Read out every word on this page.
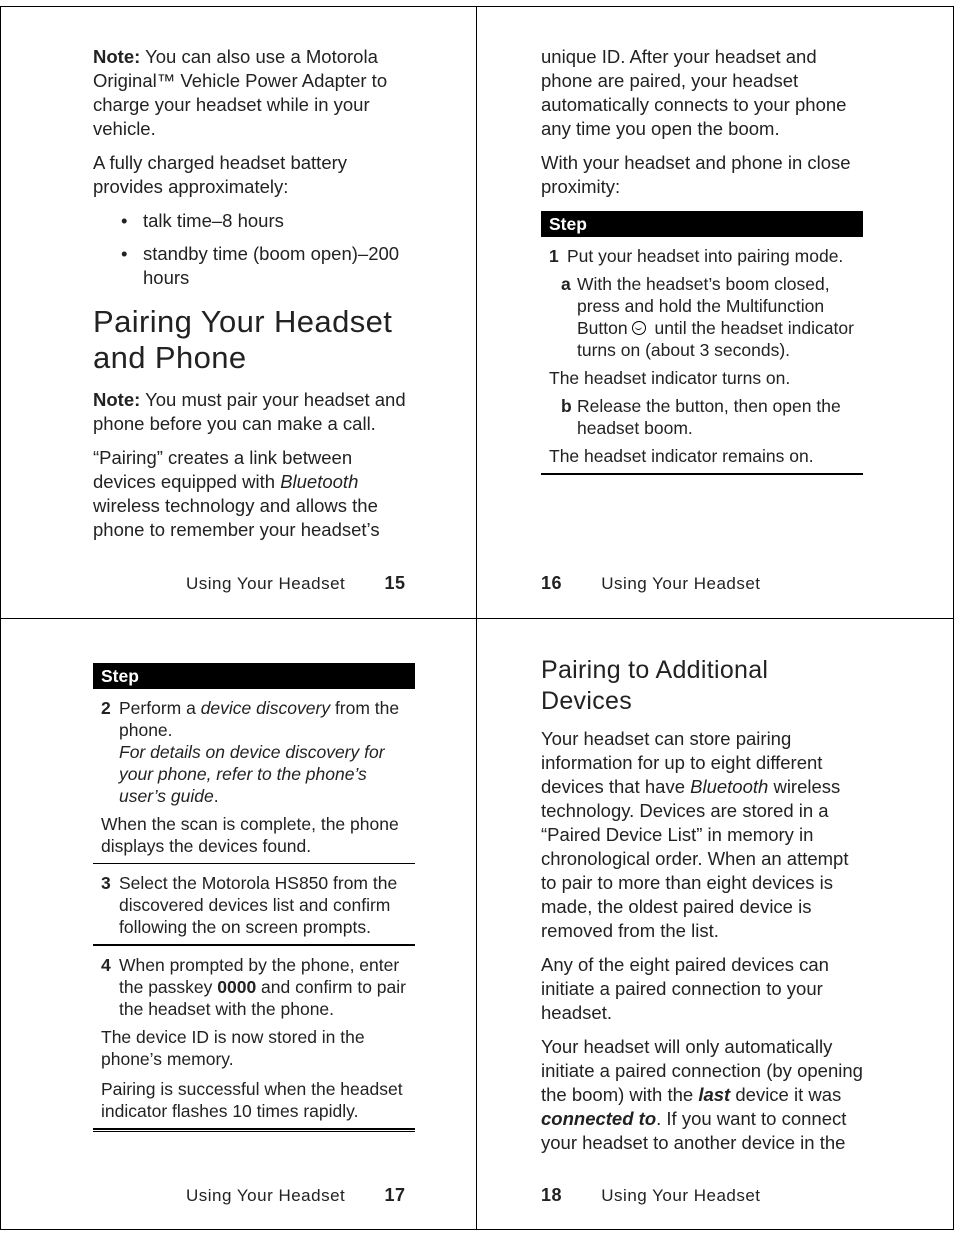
Note: You can also use a Motorola Original™ Vehicle Power Adapter to charge your headset while in your vehicle.

A fully charged headset battery provides approximately:

• talk time–8 hours
• standby time (boom open)–200 hours
Pairing Your Headset and Phone

Note: You must pair your headset and phone before you can make a call.

“Pairing” creates a link between devices equipped with Bluetooth wireless technology and allows the phone to remember your headset’s

Using Your Headset 15

unique ID. After your headset and phone are paired, your headset automatically connects to your phone any time you open the boom.

With your headset and phone in close proximity:

Step
1 Put your headset into pairing mode.
a With the headset’s boom closed, press and hold the Multifunction Button until the headset indicator turns on (about 3 seconds).
The headset indicator turns on.
b Release the button, then open the headset boom.
The headset indicator remains on.
16 Using Your Headset
Step
2 Perform a device discovery from the phone.
For details on device discovery for your phone, refer to the phone’s user’s guide.
When the scan is complete, the phone displays the devices found.
3 Select the Motorola HS850 from the discovered devices list and confirm following the on screen prompts.
4 When prompted by the phone, enter the passkey 0000 and confirm to pair the headset with the phone.
The device ID is now stored in the phone’s memory.
Pairing is successful when the headset indicator flashes 10 times rapidly.
Using Your Headset 17
Pairing to Additional Devices

Your headset can store pairing information for up to eight different devices that have Bluetooth wireless technology. Devices are stored in a “Paired Device List” in memory in chronological order. When an attempt to pair to more than eight devices is made, the oldest paired device is removed from the list.

Any of the eight paired devices can initiate a paired connection to your headset.

Your headset will only automatically initiate a paired connection (by opening the boom) with the last device it was connected to. If you want to connect your headset to another device in the

18 Using Your Headset
